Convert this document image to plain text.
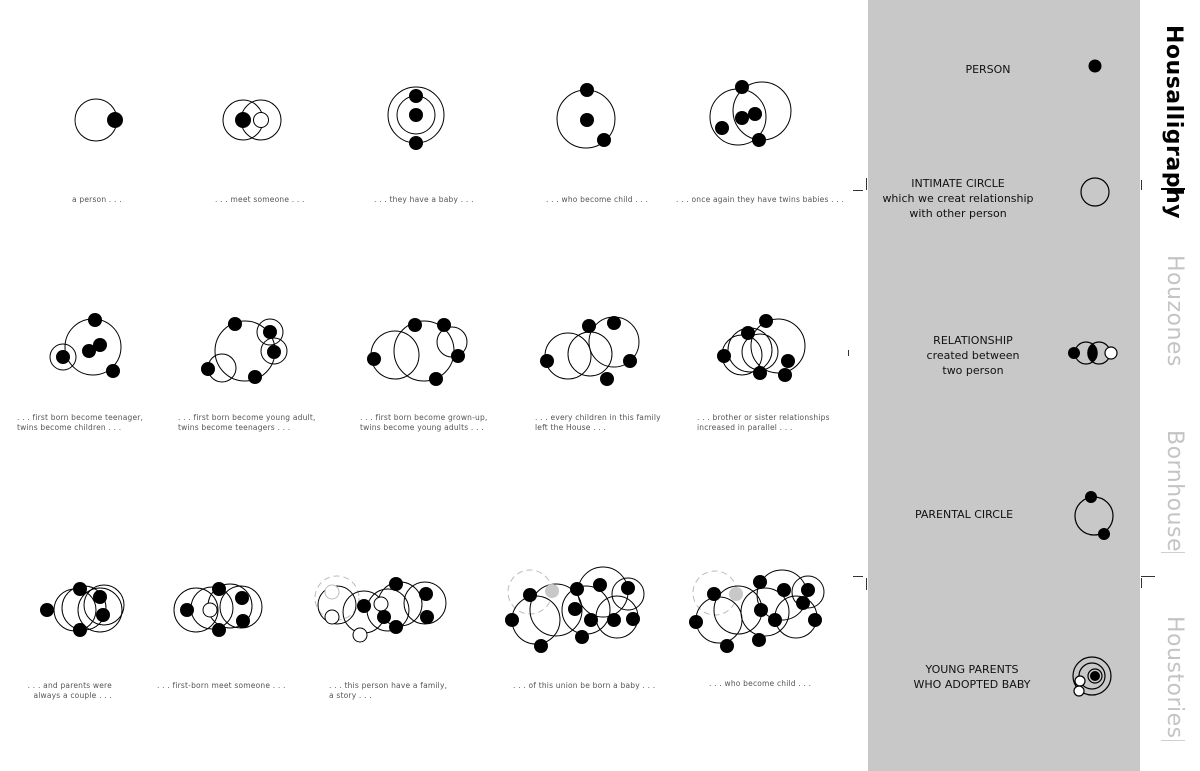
a person . . .	. . . meet someone . . .	. . . they have a baby . . .	. . . who become child . . .	. . . once again they have twins babies . . .
. . . first born become teenager,
twins become children . . .
. . . first born become young adult,
twins become teenagers . . .
. . . first born become grown-up,
twins become young adults . . .
. . . every children in this family
left the House . . .
. . . brother or sister relationships
increased in parallel . . .
. . . and parents were
always a couple . . .
. . . first-born meet someone . . .	. . . this person have a family,
a story . . .
. . . of this union be born a baby . . .	. . . who become child . . .
PERSON
INTIMATE CIRCLE
which we creat relationship
with other person
RELATIONSHIP
created between
two person
PARENTAL CIRCLE
YOUNG PARENTS
WHO ADOPTED BABY
Housalligraphy
Houzones
Bornhouse
Houstories
